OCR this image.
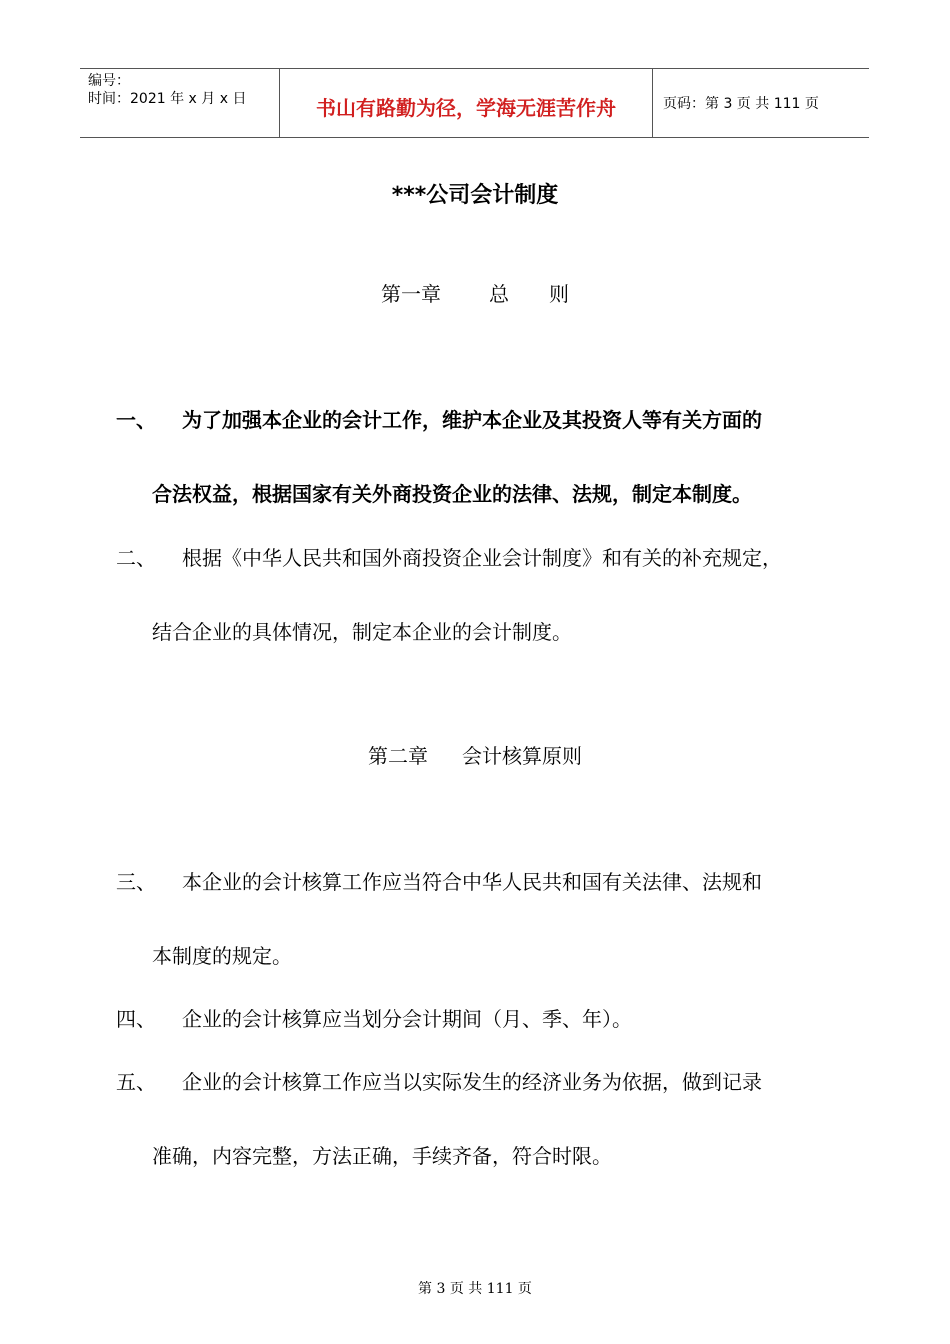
编号：
时间：2021 年 x 月 x 日	书山有路勤为径，学海无涯苦作舟	页码：第 3 页 共 111 页
***公司会计制度
第一章 总　　则
一、 为了加强本企业的会计工作，维护本企业及其投资人等有关方面的
合法权益，根据国家有关外商投资企业的法律、法规，制定本制度。
二、 根据《中华人民共和国外商投资企业会计制度》和有关的补充规定，
结合企业的具体情况，制定本企业的会计制度。
第二章 会计核算原则
三、 本企业的会计核算工作应当符合中华人民共和国有关法律、法规和
本制度的规定。
四、 企业的会计核算应当划分会计期间（月、季、年）。
五、 企业的会计核算工作应当以实际发生的经济业务为依据，做到记录
准确，内容完整，方法正确，手续齐备，符合时限。
第 3 页 共 111 页
